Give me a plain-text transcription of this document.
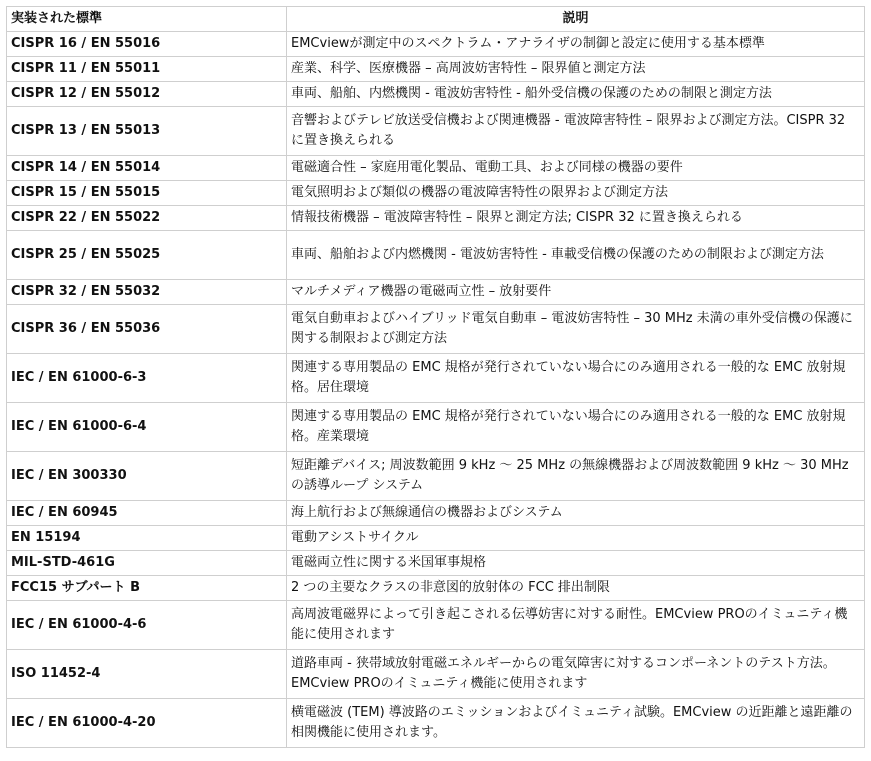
実装された標準	説明
CISPR 16 / EN 55016	EMCviewが測定中のスペクトラム・アナライザの制御と設定に使用する基本標準
CISPR 11 / EN 55011	産業、科学、医療機器 – 高周波妨害特性 – 限界値と測定方法
CISPR 12 / EN 55012	車両、船舶、内燃機関 - 電波妨害特性 - 船外受信機の保護のための制限と測定方法
CISPR 13 / EN 55013	音響およびテレビ放送受信機および関連機器 - 電波障害特性 – 限界および測定方法。CISPR 32 に置き換えられる
CISPR 14 / EN 55014	電磁適合性 – 家庭用電化製品、電動工具、および同様の機器の要件
CISPR 15 / EN 55015	電気照明および類似の機器の電波障害特性の限界および測定方法
CISPR 22 / EN 55022	情報技術機器 – 電波障害特性 – 限界と測定方法; CISPR 32 に置き換えられる
CISPR 25 / EN 55025	車両、船舶および内燃機関 - 電波妨害特性 - 車載受信機の保護のための制限および測定方法
CISPR 32 / EN 55032	マルチメディア機器の電磁両立性 – 放射要件
CISPR 36 / EN 55036	電気自動車およびハイブリッド電気自動車 – 電波妨害特性 – 30 MHz 未満の車外受信機の保護に関する制限および測定方法
IEC / EN 61000-6-3	関連する専用製品の EMC 規格が発行されていない場合にのみ適用される一般的な EMC 放射規格。居住環境
IEC / EN 61000-6-4	関連する専用製品の EMC 規格が発行されていない場合にのみ適用される一般的な EMC 放射規格。産業環境
IEC / EN 300330	短距離デバイス; 周波数範囲 9 kHz ～ 25 MHz の無線機器および周波数範囲 9 kHz ～ 30 MHz の誘導ループ システム
IEC / EN 60945	海上航行および無線通信の機器およびシステム
EN 15194	電動アシストサイクル
MIL-STD-461G	電磁両立性に関する米国軍事規格
FCC15 サブパート B	2 つの主要なクラスの非意図的放射体の FCC 排出制限
IEC / EN 61000-4-6	高周波電磁界によって引き起こされる伝導妨害に対する耐性。EMCview PROのイミュニティ機能に使用されます
ISO 11452-4	道路車両 - 狭帯域放射電磁エネルギーからの電気障害に対するコンポーネントのテスト方法。EMCview PROのイミュニティ機能に使用されます
IEC / EN 61000-4-20	横電磁波 (TEM) 導波路のエミッションおよびイミュニティ試験。EMCview の近距離と遠距離の相関機能に使用されます。
